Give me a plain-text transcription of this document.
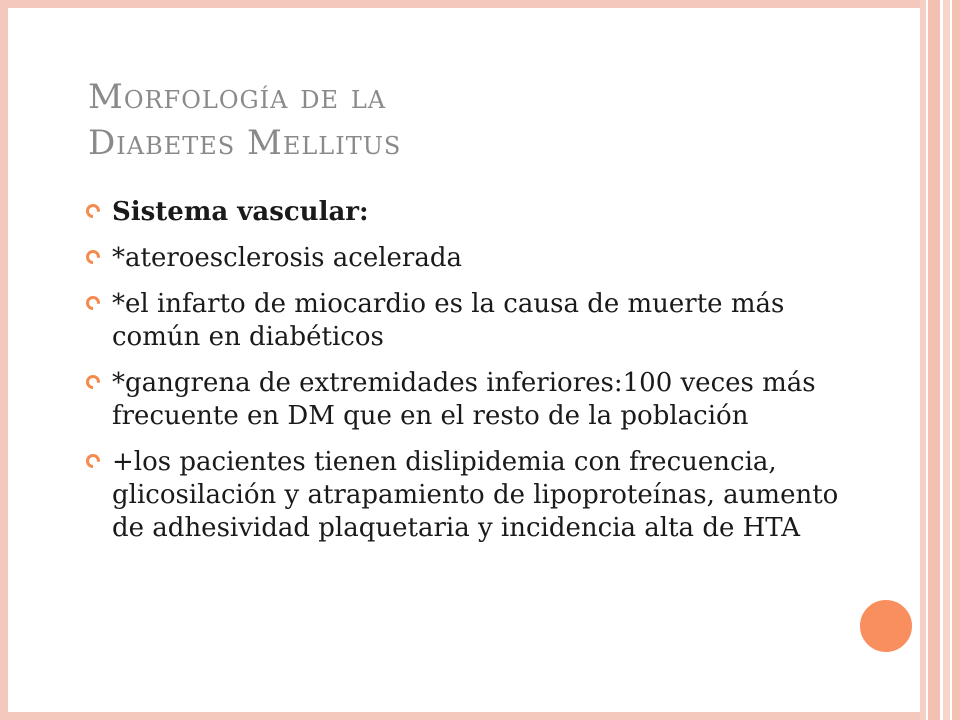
Morfología de la
Diabetes Mellitus
Sistema vascular:
*ateroesclerosis acelerada
*el infarto de miocardio es la causa de muerte más común en diabéticos
*gangrena de extremidades inferiores:100 veces más frecuente en DM que en el resto de la población
+los pacientes tienen dislipidemia con frecuencia, glicosilación y atrapamiento de lipoproteínas, aumento de adhesividad plaquetaria y incidencia alta de HTA
